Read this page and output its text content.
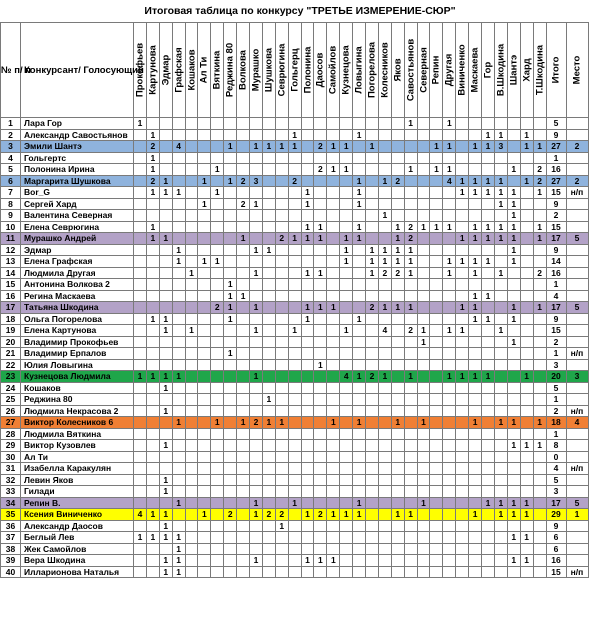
Итоговая таблица по конкурсу "ТРЕТЬЕ ИЗМЕРЕНИЕ-СЮР"
№ п/ п	Конкурсант/ Голосующий	Прокофьев	Картунова	Эдмар	Графская	Кошаков	Ал Ти	Вяткина	Реджина 80	Волкова	Мурашко	Шушкова	Севрюгина	Гольгерц	Полонина	Даосов	Самойлов	Кузнецова	Ловыгина	Погорелова	Колесников	Яков	Савостьянов	Северная	Репин	Другая	Виниченко	Маскаева	Гор	В.Шкодина	Шантэ	Хард	Т.Шкодина	Итого	Место

1	Лара Гор	1																					1			1								5	
2	Александр Савостьянов		1											1					1										1	1		1		9	
3	Эмили Шантэ		2		4				1		1	1	1	1		2	1	1		1					1	1		1	1	3		1	1	27	2
4	Гольгертс		1																															1	
5	Полонина Ирина		1					1								2	1	1					1		1	1					1		2	16	
6	Маргарита Шушкова		2	1			1		1	2	3			2					1		1	2				4	1	1	1	1		1	2	27	2
7	Bor_G		1	1	1			1							1				1								1	1	1	1	1		1	15	н/п
8	Сергей Хард						1			2	1				1				1											1	1			9	
9	Валентина Северная																				1										1			2	
10	Елена Севрюгина		1												1	1			1			1	2	1	1	1		1	1	1	1		1	15	
11	Мурашко Андрей		1	1						1			2	1	1	1		1	1			1	2				1	1	1	1	1		1	17	5
12	Эдмар				1						1	1						1		1	1	1	1								1			9	
13	Елена Графская				1		1	1										1		1	1	1	1			1	1	1	1		1			14	
14	Людмила Другая					1					1				1	1				1	2	2	1			1		1		1			2	16	
15	Антонина Волкова 2								1																									1	
16	Регина Маскаева								1	1																		1	1					4	
17	Татьяна Шкодина							2	1		1				1	1	1			2	1	1	1				1	1			1		1	17	5
18	Ольга Погорелова		1	1					1						1				1									1	1		1			9	
19	Елена Картунова			1		1					1			1				1			4		2	1		1	1			1				15	
20	Владимир Прокофьев																							1							1			2	
21	Владимир Ерпалов								1																									1	н/п
22	Юлия Ловыгина															1																		3	
23	Кузнецова Людмила	1	1	1	1						1							4	1	2	1		1			1	1	1	1			1		20	3
24	Кошаков			1																														5	
25	Реджина 80											1																						1	
26	Людмила Некрасова 2			1																														2	н/п
27	Виктор Колесников 6				1			1		1	2	1	1				1		1			1		1				1		1	1		1	18	4
28	Людмила Вяткина																																	1	
29	Виктор Кузовлев			1																											1	1	1	8	
30	Ал Ти																																	0	
31	Изабелла Каракулян																																	4	н/п
32	Левин Яков			1																														5	
33	Гилади			1																														3	
34	Репин В.				1						1			1					1					1					1	1	1	1		17	5
35	Ксения Виниченко	4	1	1			1		2		1	2	2		1	2	1	1	1			1	1					1		1	1	1		29	1
36	Александр Даосов			1									1																					9	
37	Беглый Лев	1	1	1	1																										1	1		6	
38	Жек Самойлов				1																													6	
39	Вера Шкодина			1	1						1				1	1	1														1	1		16	
40	Илларионова Наталья			1	1																													15	н/п
